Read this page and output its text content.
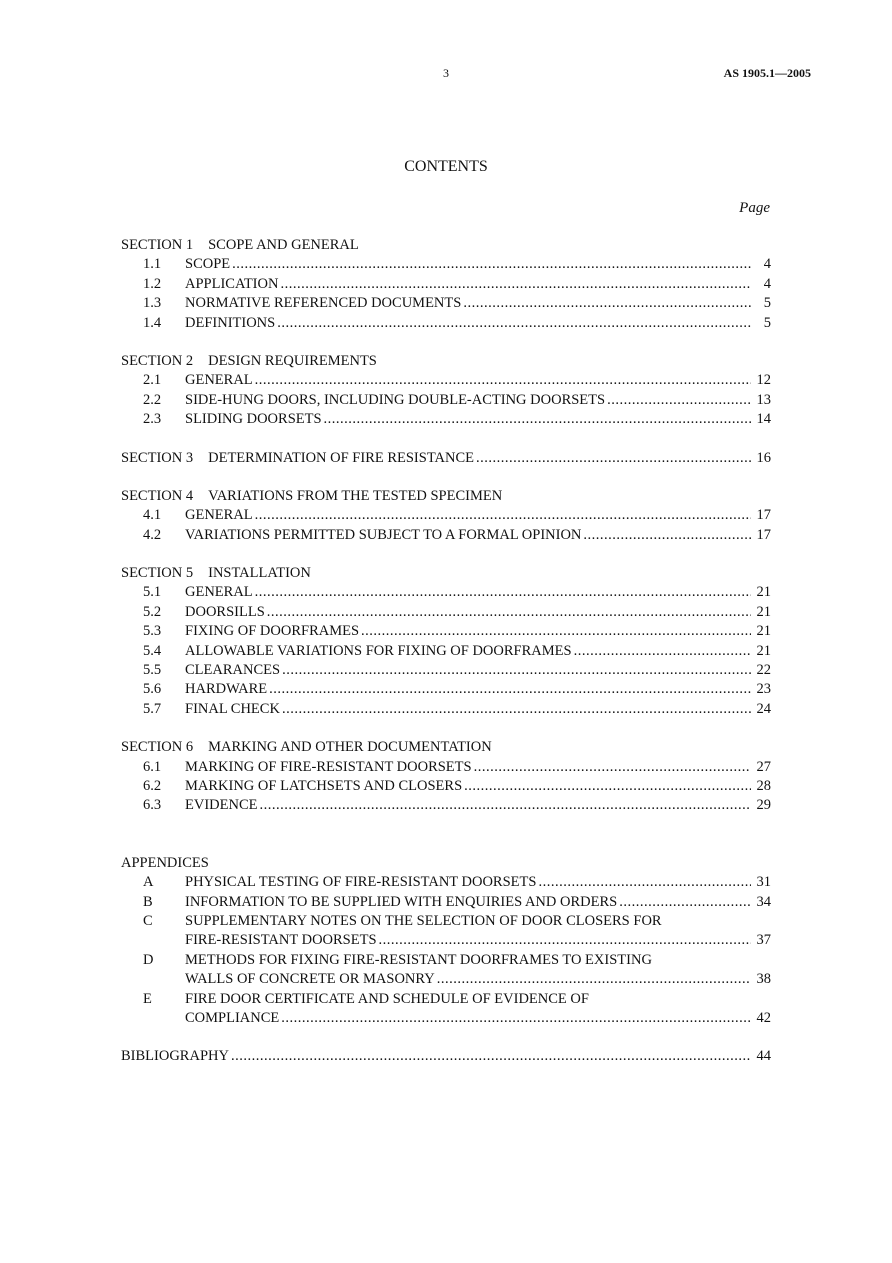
3	AS 1905.1—2005
CONTENTS
Page
SECTION 1 SCOPE AND GENERAL
1.1	SCOPE .....	4
1.2	APPLICATION .....	4
1.3	NORMATIVE REFERENCED DOCUMENTS .....	5
1.4	DEFINITIONS .....	5
SECTION 2 DESIGN REQUIREMENTS
2.1	GENERAL .....	12
2.2	SIDE-HUNG DOORS, INCLUDING DOUBLE-ACTING DOORSETS .....	13
2.3	SLIDING DOORSETS .....	14
SECTION 3 DETERMINATION OF FIRE RESISTANCE .....	16
SECTION 4 VARIATIONS FROM THE TESTED SPECIMEN
4.1	GENERAL .....	17
4.2	VARIATIONS PERMITTED SUBJECT TO A FORMAL OPINION .....	17
SECTION 5 INSTALLATION
5.1	GENERAL .....	21
5.2	DOORSILLS .....	21
5.3	FIXING OF DOORFRAMES .....	21
5.4	ALLOWABLE VARIATIONS FOR FIXING OF DOORFRAMES .....	21
5.5	CLEARANCES .....	22
5.6	HARDWARE .....	23
5.7	FINAL CHECK .....	24
SECTION 6 MARKING AND OTHER DOCUMENTATION
6.1	MARKING OF FIRE-RESISTANT DOORSETS .....	27
6.2	MARKING OF LATCHSETS AND CLOSERS .....	28
6.3	EVIDENCE .....	29
APPENDICES
A	PHYSICAL TESTING OF FIRE-RESISTANT DOORSETS .....	31
B	INFORMATION TO BE SUPPLIED WITH ENQUIRIES AND ORDERS .....	34
C	SUPPLEMENTARY NOTES ON THE SELECTION OF DOOR CLOSERS FOR
FIRE-RESISTANT DOORSETS .....	37
D	METHODS FOR FIXING FIRE-RESISTANT DOORFRAMES TO EXISTING
WALLS OF CONCRETE OR MASONRY .....	38
E	FIRE DOOR CERTIFICATE AND SCHEDULE OF EVIDENCE OF
COMPLIANCE .....	42
BIBLIOGRAPHY .....	44
